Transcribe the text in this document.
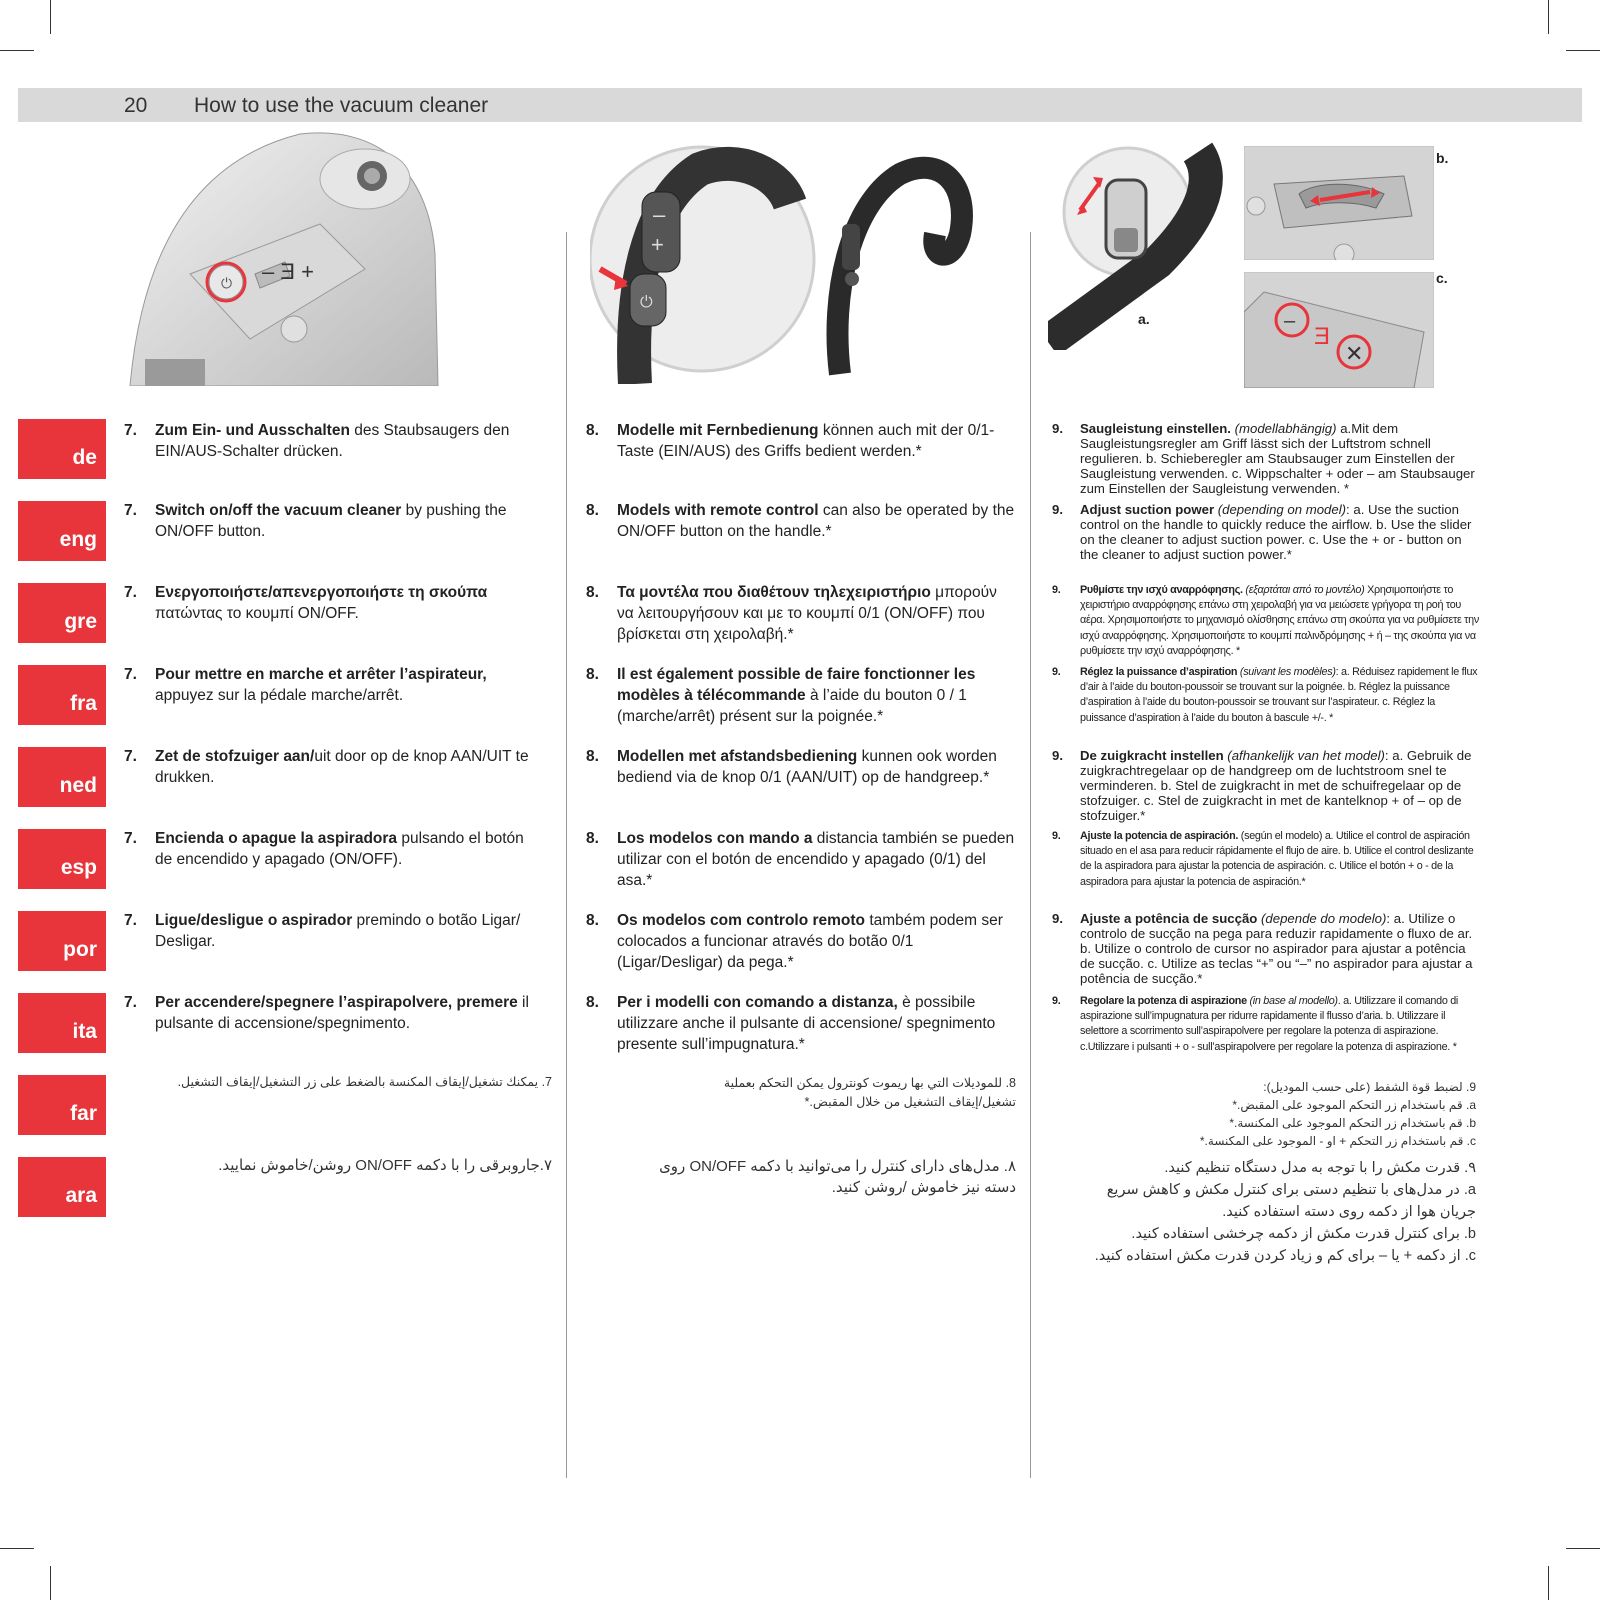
20 How to use the vacuum cleaner
– Ǝ +
⏻
–
+
⏻
–
Ǝ
✕
a.
b.
c.
de
eng
gre
fra
ned
esp
por
ita
far
ara
7. Zum Ein- und Ausschalten des Staubsaugers den EIN/AUS-Schalter drücken.
7. Switch on/off the vacuum cleaner by pushing the ON/OFF button.
7. Ενεργοποιήστε/απενεργοποιήστε τη σκούπα πατώντας το κουμπί ON/OFF.
7. Pour mettre en marche et arrêter l’aspirateur, appuyez sur la pédale marche/arrêt.
7. Zet de stofzuiger aan/uit door op de knop AAN/UIT te drukken.
7. Encienda o apague la aspiradora pulsando el botón de encendido y apagado (ON/OFF).
7. Ligue/desligue o aspirador premindo o botão Ligar/ Desligar.
7. Per accendere/spegnere l’aspirapolvere, premere il pulsante di accensione/spegnimento.
7. يمكنك تشغيل/إيقاف المكنسة بالضغط على زر التشغيل/إيقاف التشغيل.
۷.جاروبرقی را با دکمه ON/OFF روشن/خاموش نمایید.
8. Modelle mit Fernbedienung können auch mit der 0/1-Taste (EIN/AUS) des Griffs bedient werden.*
8. Models with remote control can also be operated by the ON/OFF button on the handle.*
8. Τα μοντέλα που διαθέτουν τηλεχειριστήριο μπορούν να λειτουργήσουν και με το κουμπί 0/1 (ON/OFF) που βρίσκεται στη χειρολαβή.*
8. Il est également possible de faire fonctionner les modèles à télécommande à l’aide du bouton 0 / 1 (marche/arrêt) présent sur la poignée.*
8. Modellen met afstandsbediening kunnen ook worden bediend via de knop 0/1 (AAN/UIT) op de handgreep.*
8. Los modelos con mando a distancia también se pueden utilizar con el botón de encendido y apagado (0/1) del asa.*
8. Os modelos com controlo remoto também podem ser colocados a funcionar através do botão 0/1 (Ligar/Desligar) da pega.*
8. Per i modelli con comando a distanza, è possibile utilizzare anche il pulsante di accensione/ spegnimento presente sull’impugnatura.*
8. للموديلات التي بها ريموت كونترول يمكن التحكم بعملية تشغيل/إيقاف التشغيل من خلال المقبض.*
۸. مدل‌های دارای کنترل را می‌توانید با دکمه ON/OFF روی دسته نیز خاموش /روشن کنید.
9. Saugleistung einstellen. (modellabhängig) a.Mit dem Saugleistungsregler am Griff lässt sich der Luftstrom schnell regulieren. b. Schieberegler am Staubsauger zum Einstellen der Saugleistung verwenden. c. Wippschalter + oder – am Staubsauger zum Einstellen der Saugleistung verwenden. *
9. Adjust suction power (depending on model): a. Use the suction control on the handle to quickly reduce the airflow. b. Use the slider on the cleaner to adjust suction power. c. Use the + or - button on the cleaner to adjust suction power.*
9. Ρυθμίστε την ισχύ αναρρόφησης. (εξαρτάται από το μοντέλο) Χρησιμοποιήστε το χειριστήριο αναρρόφησης επάνω στη χειρολαβή για να μειώσετε γρήγορα τη ροή του αέρα. Χρησιμοποιήστε το μηχανισμό ολίσθησης επάνω στη σκούπα για να ρυθμίσετε την ισχύ αναρρόφησης. Χρησιμοποιήστε το κουμπί παλινδρόμησης + ή – της σκούπα για να ρυθμίσετε την ισχύ αναρρόφησης. *
9. Réglez la puissance d’aspiration (suivant les modèles): a. Réduisez rapidement le flux d’air à l’aide du bouton-poussoir se trouvant sur la poignée. b. Réglez la puissance d’aspiration à l’aide du bouton-poussoir se trouvant sur l’aspirateur. c. Réglez la puissance d’aspiration à l’aide du bouton à bascule +/-. *
9. De zuigkracht instellen (afhankelijk van het model): a. Gebruik de zuigkrachtregelaar op de handgreep om de luchtstroom snel te verminderen. b. Stel de zuigkracht in met de schuifregelaar op de stofzuiger. c. Stel de zuigkracht in met de kantelknop + of – op de stofzuiger.*
9. Ajuste la potencia de aspiración. (según el modelo) a. Utilice el control de aspiración situado en el asa para reducir rápidamente el flujo de aire. b. Utilice el control deslizante de la aspiradora para ajustar la potencia de aspiración. c. Utilice el botón + o - de la aspiradora para ajustar la potencia de aspiración.*
9. Ajuste a potência de sucção (depende do modelo): a. Utilize o controlo de sucção na pega para reduzir rapidamente o fluxo de ar. b. Utilize o controlo de cursor no aspirador para ajustar a potência de sucção. c. Utilize as teclas “+” ou “–” no aspirador para ajustar a potência de sucção.*
9. Regolare la potenza di aspirazione (in base al modello). a. Utilizzare il comando di aspirazione sull’impugnatura per ridurre rapidamente il flusso d’aria. b. Utilizzare il selettore a scorrimento sull’aspirapolvere per regolare la potenza di aspirazione. c.Utilizzare i pulsanti + o - sull’aspirapolvere per regolare la potenza di aspirazione. *
9. لضبط قوة الشفط (على حسب الموديل):
a. قم باستخدام زر التحكم الموجود على المقبض.*
b. قم باستخدام زر التحكم الموجود على المكنسة.*
c. قم باستخدام زر التحكم + او - الموجود على المكنسة.*
۹. قدرت مکش را با توجه به مدل دستگاه تنظیم کنید.
a. در مدل‌های با تنظیم دستی برای کنترل مکش و کاهش سریع
جریان هوا از دکمه روی دسته استفاده کنید.
b. برای کنترل قدرت مکش از دکمه چرخشی استفاده کنید.
c. از دکمه + یا – برای کم و زیاد کردن قدرت مکش استفاده کنید.
